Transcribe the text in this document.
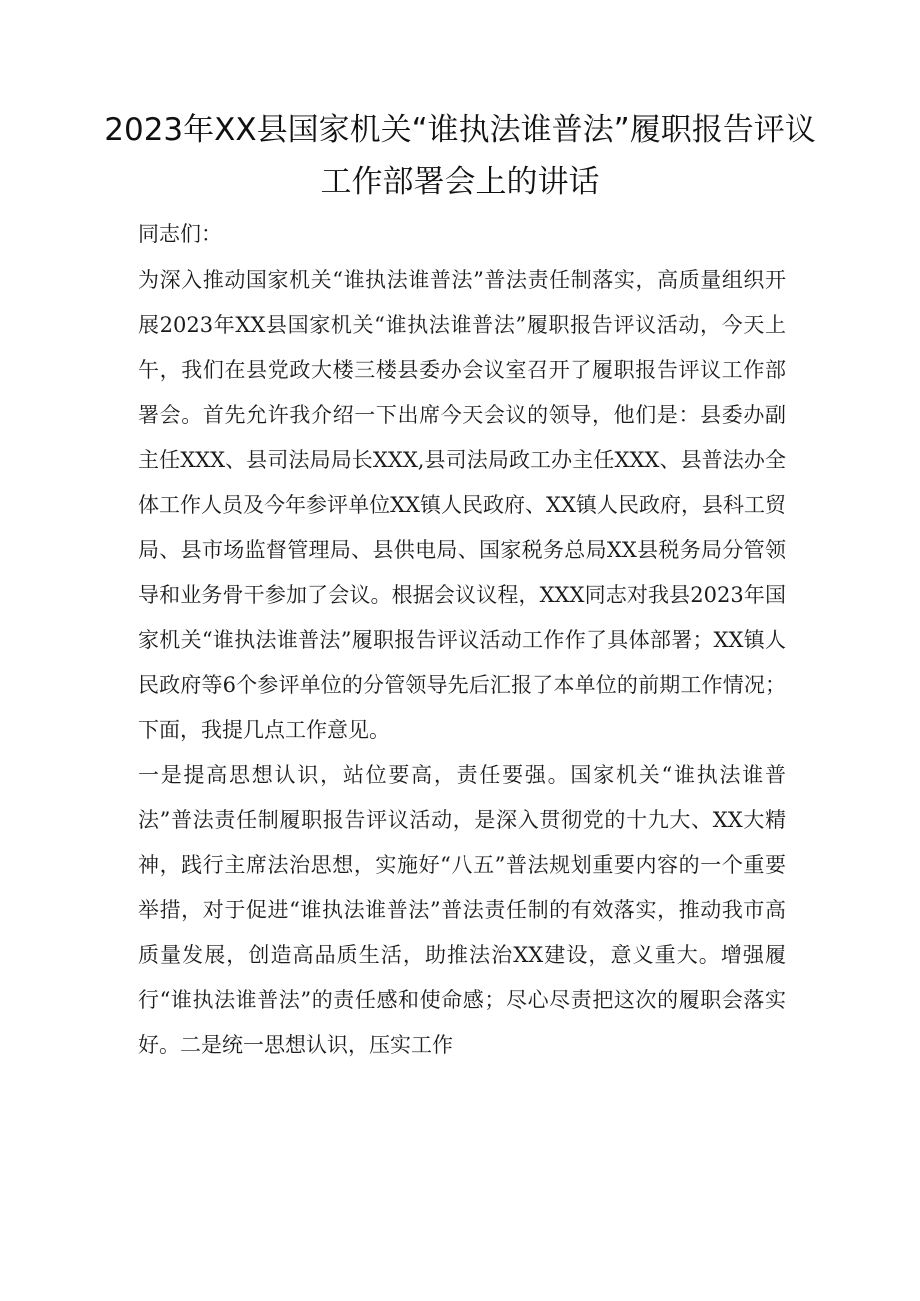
2023年XX县国家机关“谁执法谁普法”履职报告评议工作部署会上的讲话

同志们：

为深入推动国家机关“谁执法谁普法”普法责任制落实，高质量组织开展2023年XX县国家机关“谁执法谁普法”履职报告评议活动，今天上午，我们在县党政大楼三楼县委办会议室召开了履职报告评议工作部署会。首先允许我介绍一下出席今天会议的领导，他们是：县委办副主任XXX、县司法局局长XXX,县司法局政工办主任XXX、县普法办全体工作人员及今年参评单位XX镇人民政府、XX镇人民政府，县科工贸局、县市场监督管理局、县供电局、国家税务总局XX县税务局分管领导和业务骨干参加了会议。根据会议议程，XXX同志对我县2023年国家机关“谁执法谁普法”履职报告评议活动工作作了具体部署；XX镇人民政府等6个参评单位的分管领导先后汇报了本单位的前期工作情况；下面，我提几点工作意见。

一是提高思想认识，站位要高，责任要强。国家机关“谁执法谁普法”普法责任制履职报告评议活动，是深入贯彻党的十九大、XX大精神，践行主席法治思想，实施好“八五”普法规划重要内容的一个重要举措，对于促进“谁执法谁普法”普法责任制的有效落实，推动我市高质量发展，创造高品质生活，助推法治XX建设，意义重大。增强履行“谁执法谁普法”的责任感和使命感；尽心尽责把这次的履职会落实好。二是统一思想认识，压实工作
